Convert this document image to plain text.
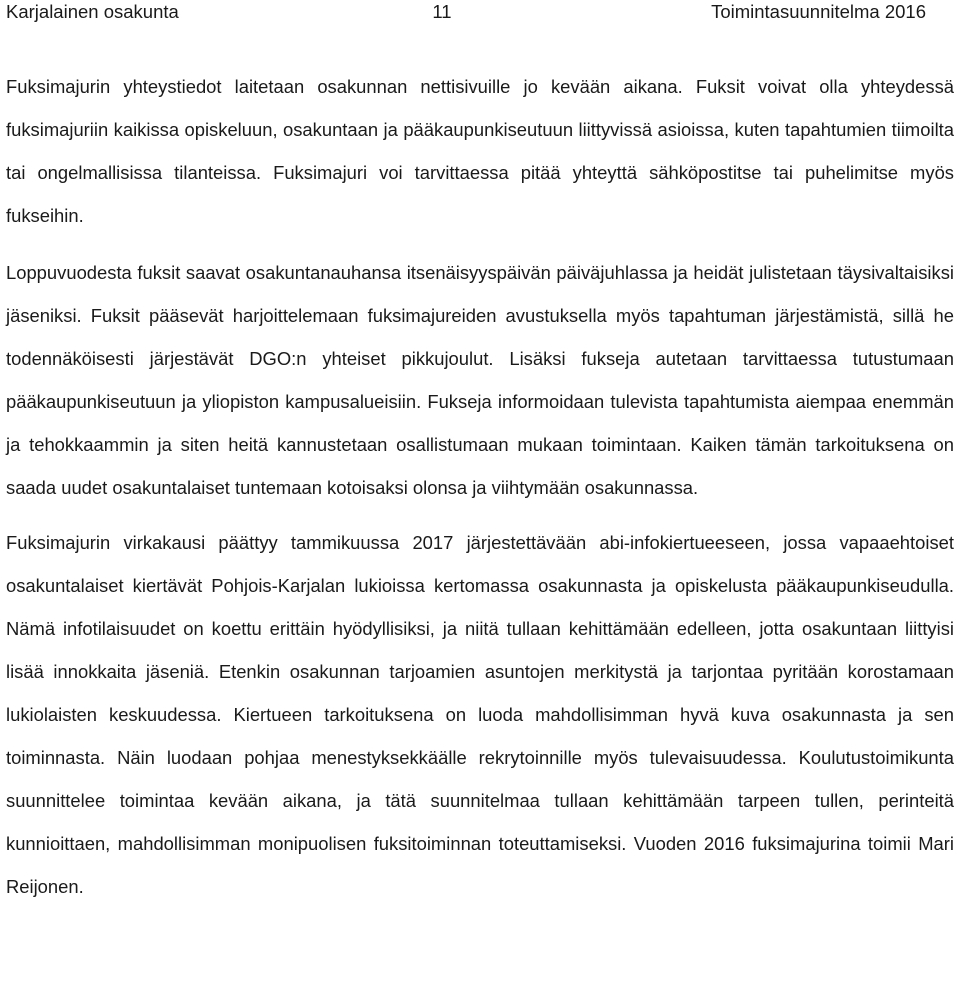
Karjalainen osakunta	11	Toimintasuunnitelma 2016

Fuksimajurin yhteystiedot laitetaan osakunnan nettisivuille jo kevään aikana. Fuksit voivat olla yhteydessä fuksimajuriin kaikissa opiskeluun, osakuntaan ja pääkaupunkiseutuun liittyvissä asioissa, kuten tapahtumien tiimoilta tai ongelmallisissa tilanteissa. Fuksimajuri voi tarvittaessa pitää yhteyttä sähköpostitse tai puhelimitse myös fukseihin.

Loppuvuodesta fuksit saavat osakuntanauhansa itsenäisyyspäivän päiväjuhlassa ja heidät julistetaan täysivaltaisiksi jäseniksi. Fuksit pääsevät harjoittelemaan fuksimajureiden avustuksella myös tapahtuman järjestämistä, sillä he todennäköisesti järjestävät DGO:n yhteiset pikkujoulut. Lisäksi fukseja autetaan tarvittaessa tutustumaan pääkaupunkiseutuun ja yliopiston kampusalueisiin. Fukseja informoidaan tulevista tapahtumista aiempaa enemmän ja tehokkaammin ja siten heitä kannustetaan osallistumaan mukaan toimintaan. Kaiken tämän tarkoituksena on saada uudet osakuntalaiset tuntemaan kotoisaksi olonsa ja viihtymään osakunnassa.

Fuksimajurin virkakausi päättyy tammikuussa 2017 järjestettävään abi-infokiertueeseen, jossa vapaaehtoiset osakuntalaiset kiertävät Pohjois-Karjalan lukioissa kertomassa osakunnasta ja opiskelusta pääkaupunkiseudulla. Nämä infotilaisuudet on koettu erittäin hyödyllisiksi, ja niitä tullaan kehittämään edelleen, jotta osakuntaan liittyisi lisää innokkaita jäseniä. Etenkin osakunnan tarjoamien asuntojen merkitystä ja tarjontaa pyritään korostamaan lukiolaisten keskuudessa. Kiertueen tarkoituksena on luoda mahdollisimman hyvä kuva osakunnasta ja sen toiminnasta. Näin luodaan pohjaa menestyksekkäälle rekrytoinnille myös tulevaisuudessa. Koulutustoimikunta suunnittelee toimintaa kevään aikana, ja tätä suunnitelmaa tullaan kehittämään tarpeen tullen, perinteitä kunnioittaen, mahdollisimman monipuolisen fuksitoiminnan toteuttamiseksi. Vuoden 2016 fuksimajurina toimii Mari Reijonen.
